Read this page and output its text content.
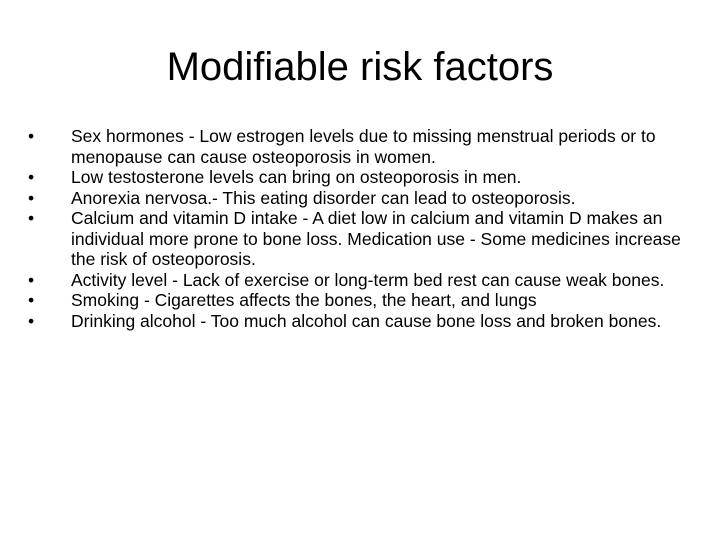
Modifiable risk factors
•	Sex hormones - Low estrogen levels due to missing menstrual periods or to menopause can cause osteoporosis in women.
•	Low testosterone levels can bring on osteoporosis in men.
•	Anorexia nervosa.- This eating disorder can lead to osteoporosis.
•	Calcium and vitamin D intake - A diet low in calcium and vitamin D makes an individual more prone to bone loss. Medication use - Some medicines increase the risk of osteoporosis.
•	Activity level - Lack of exercise or long-term bed rest can cause weak bones.
•	Smoking - Cigarettes affects the bones, the heart, and lungs
•	Drinking alcohol - Too much alcohol can cause bone loss and broken bones.
